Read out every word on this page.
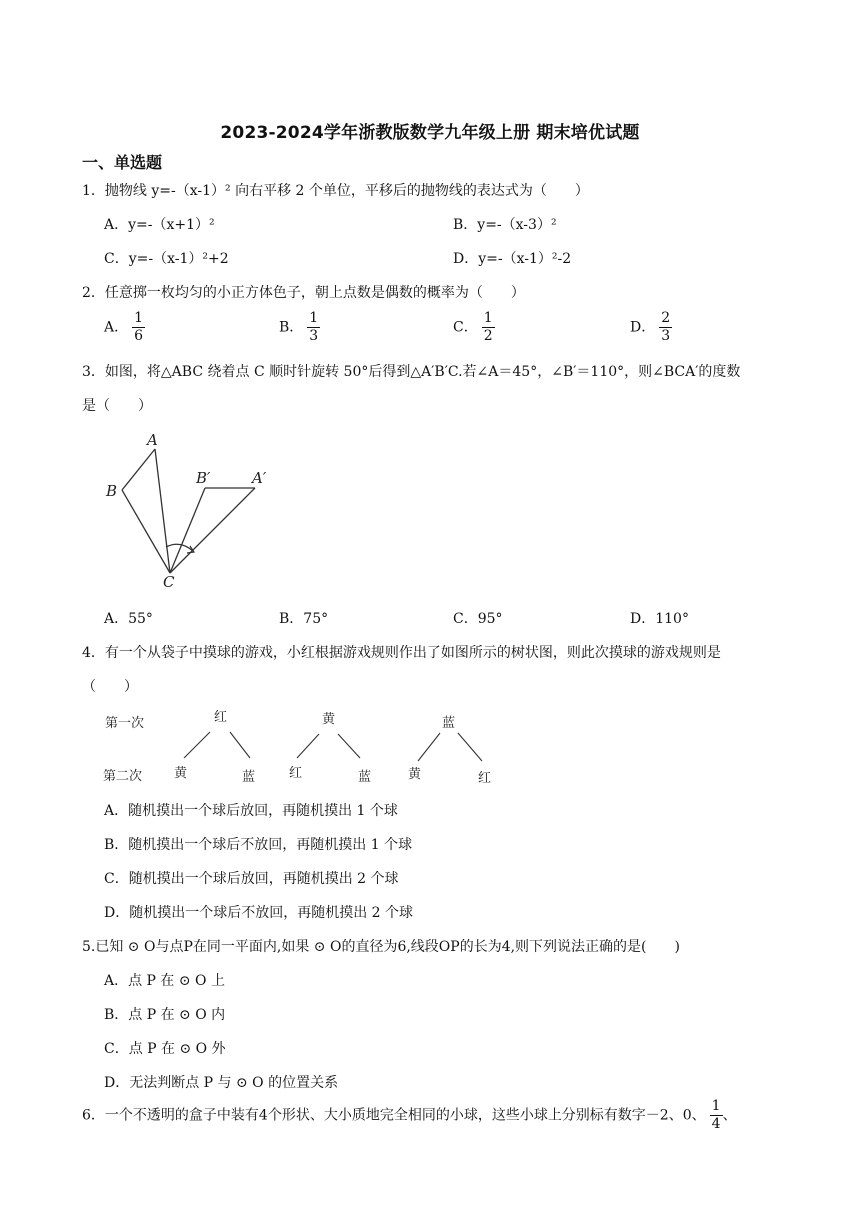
2023-2024学年浙教版数学九年级上册 期末培优试题
一、单选题
1．抛物线 y=-（x-1）² 向右平移 2 个单位，平移后的抛物线的表达式为（　　）
A．y=-（x+1）²	B．y=-（x-3）²
C．y=-（x-1）²+2	D．y=-（x-1）²-2
2．任意掷一枚均匀的小正方体色子，朝上点数是偶数的概率为（　　）
A． $\frac{1}{6}$	B． $\frac{1}{3}$	C． $\frac{1}{2}$	D． $\frac{2}{3}$
3．如图，将△ABC 绕着点 C 顺时针旋转 50°后得到△A′B′C.若∠A＝45°，∠B′＝110°，则∠BCA′的度数
是（　　）
A
B
B′	A′
C
A．55°	B．75°	C．95°	D．110°
4．有一个从袋子中摸球的游戏，小红根据游戏规则作出了如图所示的树状图，则此次摸球的游戏规则是
（　　）
第一次
第二次
红
黄	蓝
黄
红	蓝
蓝
黄	红
A．随机摸出一个球后放回，再随机摸出 1 个球
B．随机摸出一个球后不放回，再随机摸出 1 个球
C．随机摸出一个球后放回，再随机摸出 2 个球
D．随机摸出一个球后不放回，再随机摸出 2 个球
5.已知 ⊙ O与点P在同一平面内,如果 ⊙ O的直径为6,线段OP的长为4,则下列说法正确的是(　　)
A．点 P 在 ⊙ O 上
B．点 P 在 ⊙ O 内
C．点 P 在 ⊙ O 外
D．无法判断点 P 与 ⊙ O 的位置关系
6．一个不透明的盒子中装有4个形状、大小质地完全相同的小球，这些小球上分别标有数字－2、0、 $\frac{1}{4}$ 、
